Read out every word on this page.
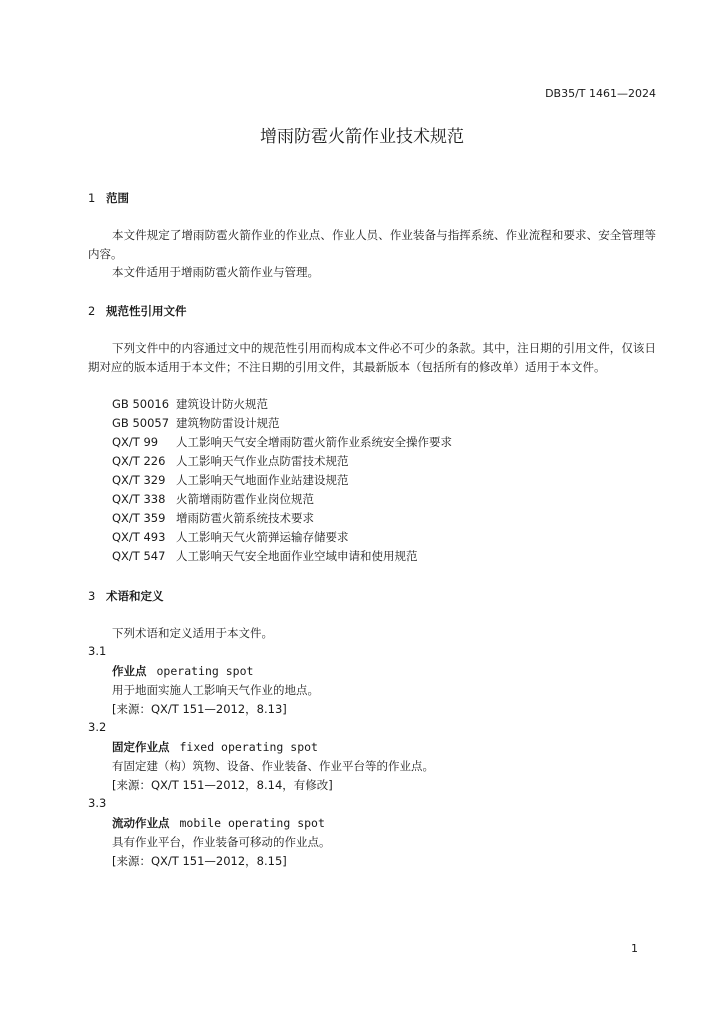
DB35/T 1461—2024
增雨防雹火箭作业技术规范
1 范围

本文件规定了增雨防雹火箭作业的作业点、作业人员、作业装备与指挥系统、作业流程和要求、安全管理等内容。

本文件适用于增雨防雹火箭作业与管理。

2 规范性引用文件

下列文件中的内容通过文中的规范性引用而构成本文件必不可少的条款。其中，注日期的引用文件，仅该日期对应的版本适用于本文件；不注日期的引用文件，其最新版本（包括所有的修改单）适用于本文件。

GB 50016 建筑设计防火规范
GB 50057 建筑物防雷设计规范
QX/T 99 人工影响天气安全增雨防雹火箭作业系统安全操作要求
QX/T 226 人工影响天气作业点防雷技术规范
QX/T 329 人工影响天气地面作业站建设规范
QX/T 338 火箭增雨防雹作业岗位规范
QX/T 359 增雨防雹火箭系统技术要求
QX/T 493 人工影响天气火箭弹运输存储要求
QX/T 547 人工影响天气安全地面作业空域申请和使用规范
3 术语和定义
下列术语和定义适用于本文件。
3.1
作业点 operating spot
用于地面实施人工影响天气作业的地点。
[来源：QX/T 151—2012，8.13]
3.2
固定作业点 fixed operating spot
有固定建（构）筑物、设备、作业装备、作业平台等的作业点。
[来源：QX/T 151—2012，8.14，有修改]
3.3
流动作业点 mobile operating spot
具有作业平台，作业装备可移动的作业点。
[来源：QX/T 151—2012，8.15]
1
